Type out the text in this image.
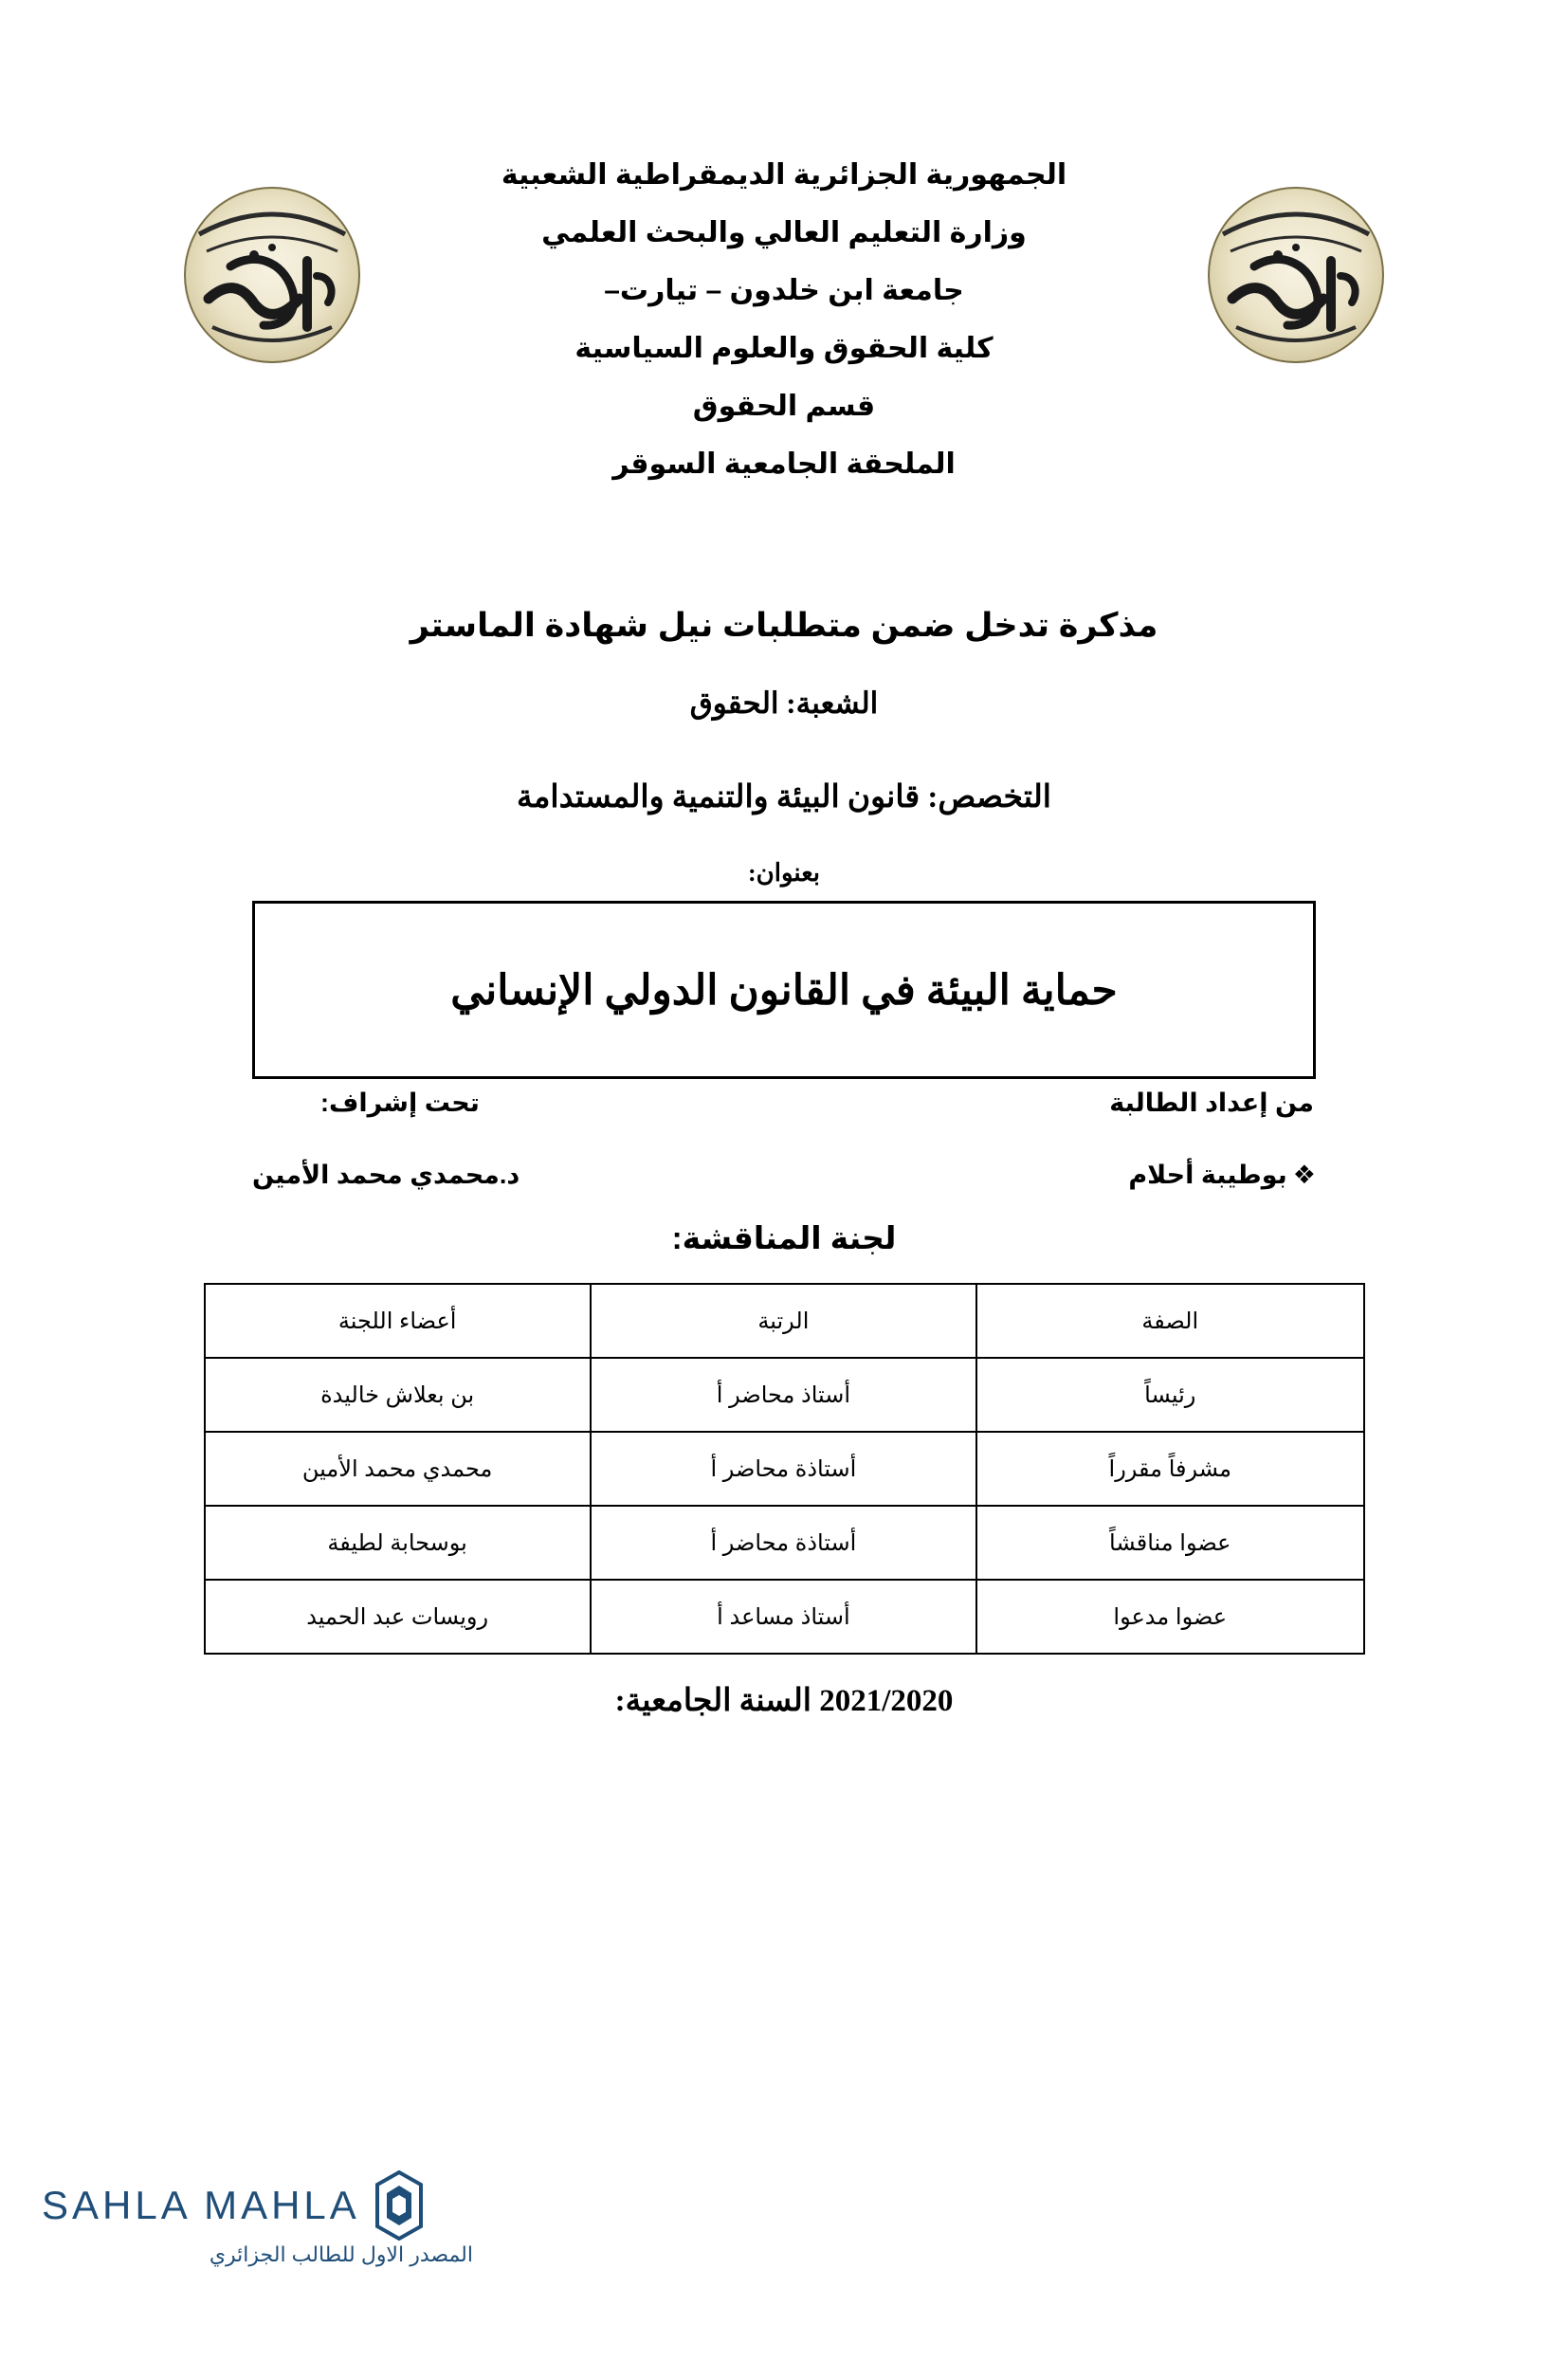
الجمهورية الجزائرية الديمقراطية الشعبية
وزارة التعليم العالي والبحث العلمي
جامعة ابن خلدون – تيارت–
كلية الحقوق والعلوم السياسية
قسم الحقوق
الملحقة الجامعية السوقر
مذكرة تدخل ضمن متطلبات نيل شهادة الماستر
الشعبة: الحقوق
التخصص: قانون البيئة والتنمية والمستدامة
بعنوان:
حماية البيئة في القانون الدولي الإنساني
من إعداد الطالبة
تحت إشراف:
❖بوطيبة أحلام
د.محمدي محمد الأمين
لجنة المناقشة:
الصفة	الرتبة	أعضاء اللجنة
رئيساً	أستاذ محاضر أ	بن بعلاش خاليدة
مشرفاً مقرراً	أستاذة محاضر أ	محمدي محمد الأمين
عضوا مناقشاً	أستاذة محاضر أ	بوسحابة لطيفة
عضوا مدعوا	أستاذ مساعد أ	رويسات عبد الحميد
2021/2020 السنة الجامعية:
SAHLA MAHLA
المصدر الاول للطالب الجزائري
